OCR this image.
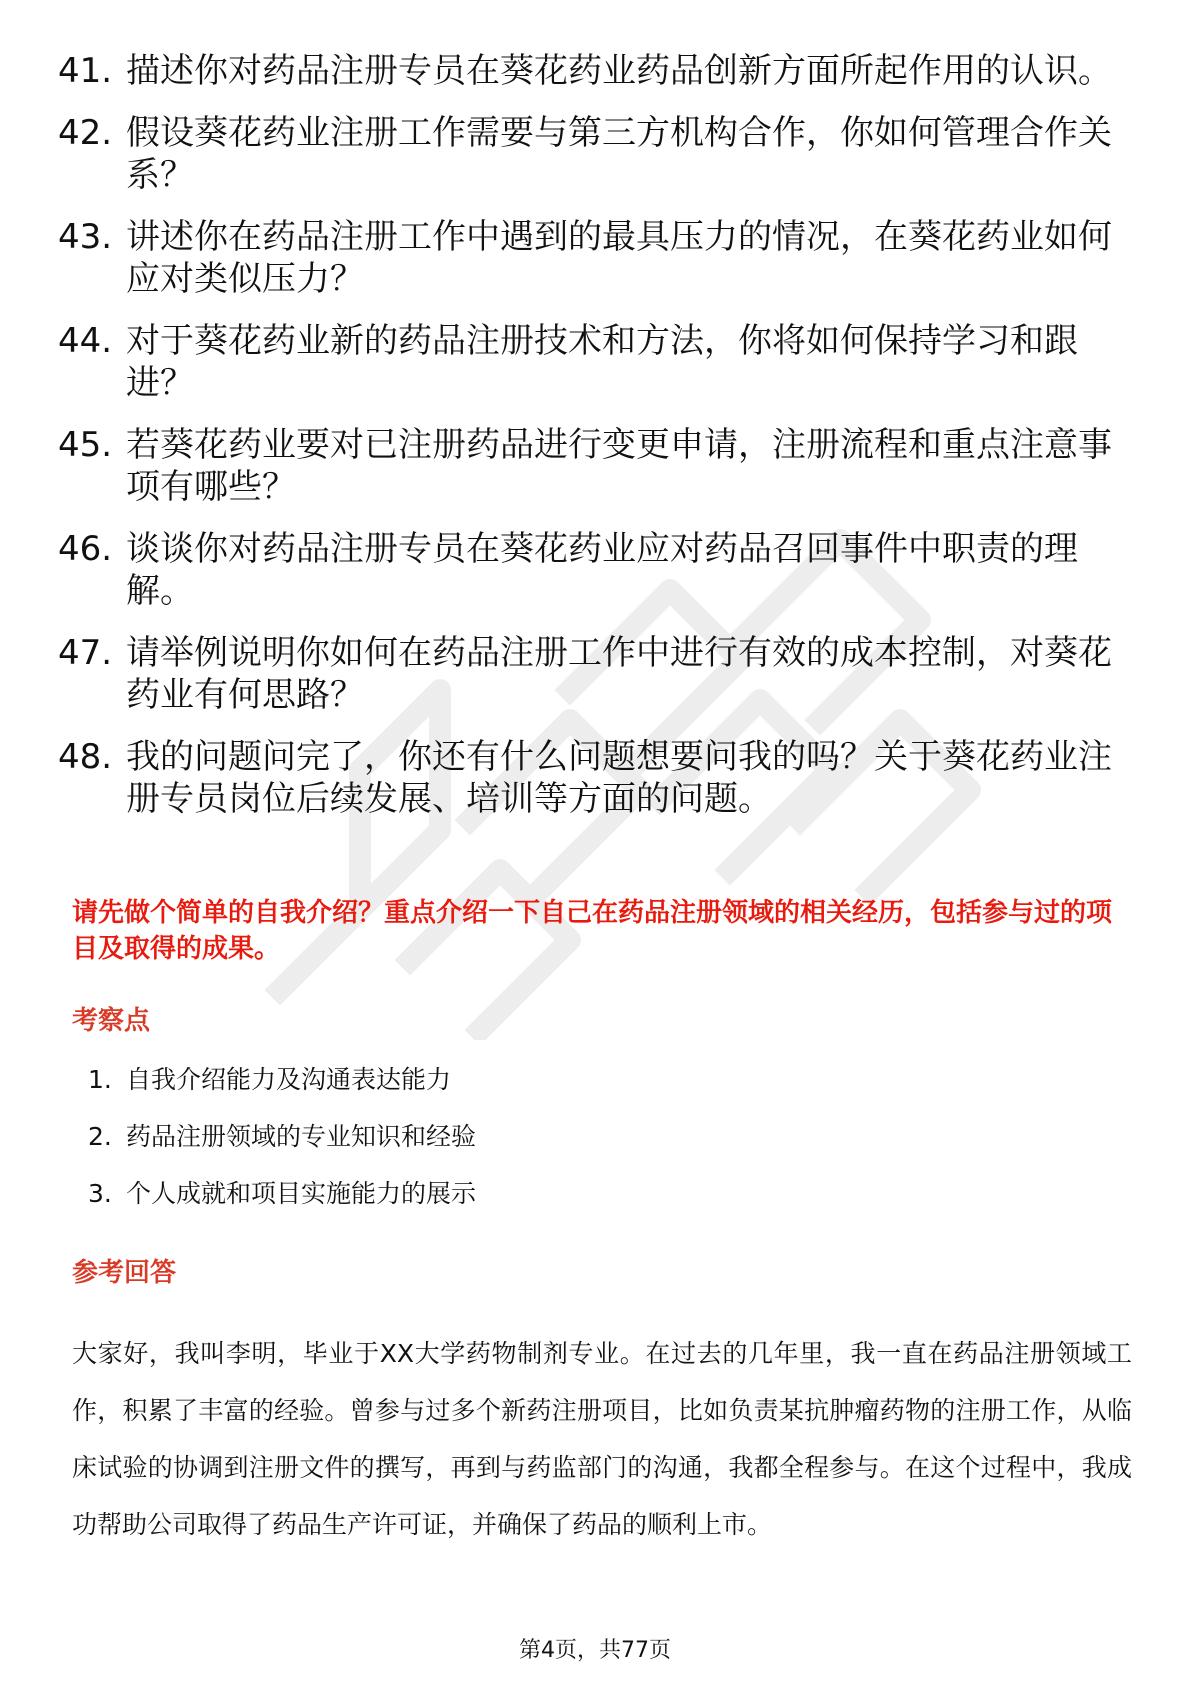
41. 描述你对药品注册专员在葵花药业药品创新方面所起作用的认识。
42. 假设葵花药业注册工作需要与第三方机构合作，你如何管理合作关系？
43. 讲述你在药品注册工作中遇到的最具压力的情况，在葵花药业如何应对类似压力？
44. 对于葵花药业新的药品注册技术和方法，你将如何保持学习和跟进？
45. 若葵花药业要对已注册药品进行变更申请，注册流程和重点注意事项有哪些？
46. 谈谈你对药品注册专员在葵花药业应对药品召回事件中职责的理解。
47. 请举例说明你如何在药品注册工作中进行有效的成本控制，对葵花药业有何思路？
48. 我的问题问完了，你还有什么问题想要问我的吗？关于葵花药业注册专员岗位后续发展、培训等方面的问题。
请先做个简单的自我介绍？重点介绍一下自己在药品注册领域的相关经历，包括参与过的项目及取得的成果。
考察点
1. 自我介绍能力及沟通表达能力
2. 药品注册领域的专业知识和经验
3. 个人成就和项目实施能力的展示
参考回答
大家好，我叫李明，毕业于XX大学药物制剂专业。在过去的几年里，我一直在药品注册领域工作，积累了丰富的经验。曾参与过多个新药注册项目，比如负责某抗肿瘤药物的注册工作，从临床试验的协调到注册文件的撰写，再到与药监部门的沟通，我都全程参与。在这个过程中，我成功帮助公司取得了药品生产许可证，并确保了药品的顺利上市。
第4页，共77页
